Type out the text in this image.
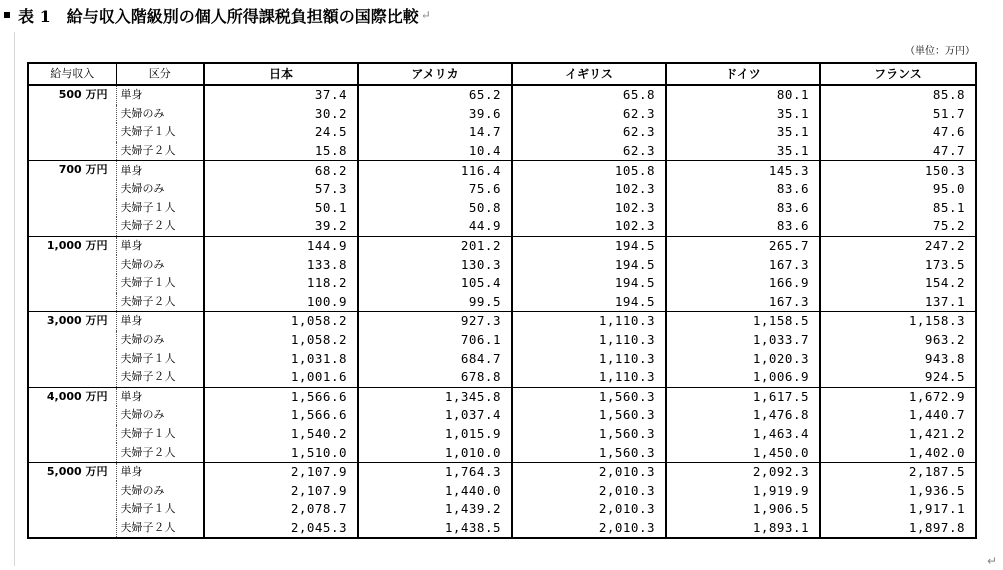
表 1　給与収入階級別の個人所得課税負担額の国際比較 ↵
↵
（単位：万円）
給与収入	区分	日本	アメリカ	イギリス	ドイツ	フランス
500 万円	単身	37.4	65.2	65.8	80.1	85.8
	夫婦のみ	30.2	39.6	62.3	35.1	51.7
	夫婦子１人	24.5	14.7	62.3	35.1	47.6
	夫婦子２人	15.8	10.4	62.3	35.1	47.7
700 万円	単身	68.2	116.4	105.8	145.3	150.3
	夫婦のみ	57.3	75.6	102.3	83.6	95.0
	夫婦子１人	50.1	50.8	102.3	83.6	85.1
	夫婦子２人	39.2	44.9	102.3	83.6	75.2
1,000 万円	単身	144.9	201.2	194.5	265.7	247.2
	夫婦のみ	133.8	130.3	194.5	167.3	173.5
	夫婦子１人	118.2	105.4	194.5	166.9	154.2
	夫婦子２人	100.9	99.5	194.5	167.3	137.1
3,000 万円	単身	1,058.2	927.3	1,110.3	1,158.5	1,158.3
	夫婦のみ	1,058.2	706.1	1,110.3	1,033.7	963.2
	夫婦子１人	1,031.8	684.7	1,110.3	1,020.3	943.8
	夫婦子２人	1,001.6	678.8	1,110.3	1,006.9	924.5
4,000 万円	単身	1,566.6	1,345.8	1,560.3	1,617.5	1,672.9
	夫婦のみ	1,566.6	1,037.4	1,560.3	1,476.8	1,440.7
	夫婦子１人	1,540.2	1,015.9	1,560.3	1,463.4	1,421.2
	夫婦子２人	1,510.0	1,010.0	1,560.3	1,450.0	1,402.0
5,000 万円	単身	2,107.9	1,764.3	2,010.3	2,092.3	2,187.5
	夫婦のみ	2,107.9	1,440.0	2,010.3	1,919.9	1,936.5
	夫婦子１人	2,078.7	1,439.2	2,010.3	1,906.5	1,917.1
	夫婦子２人	2,045.3	1,438.5	2,010.3	1,893.1	1,897.8
